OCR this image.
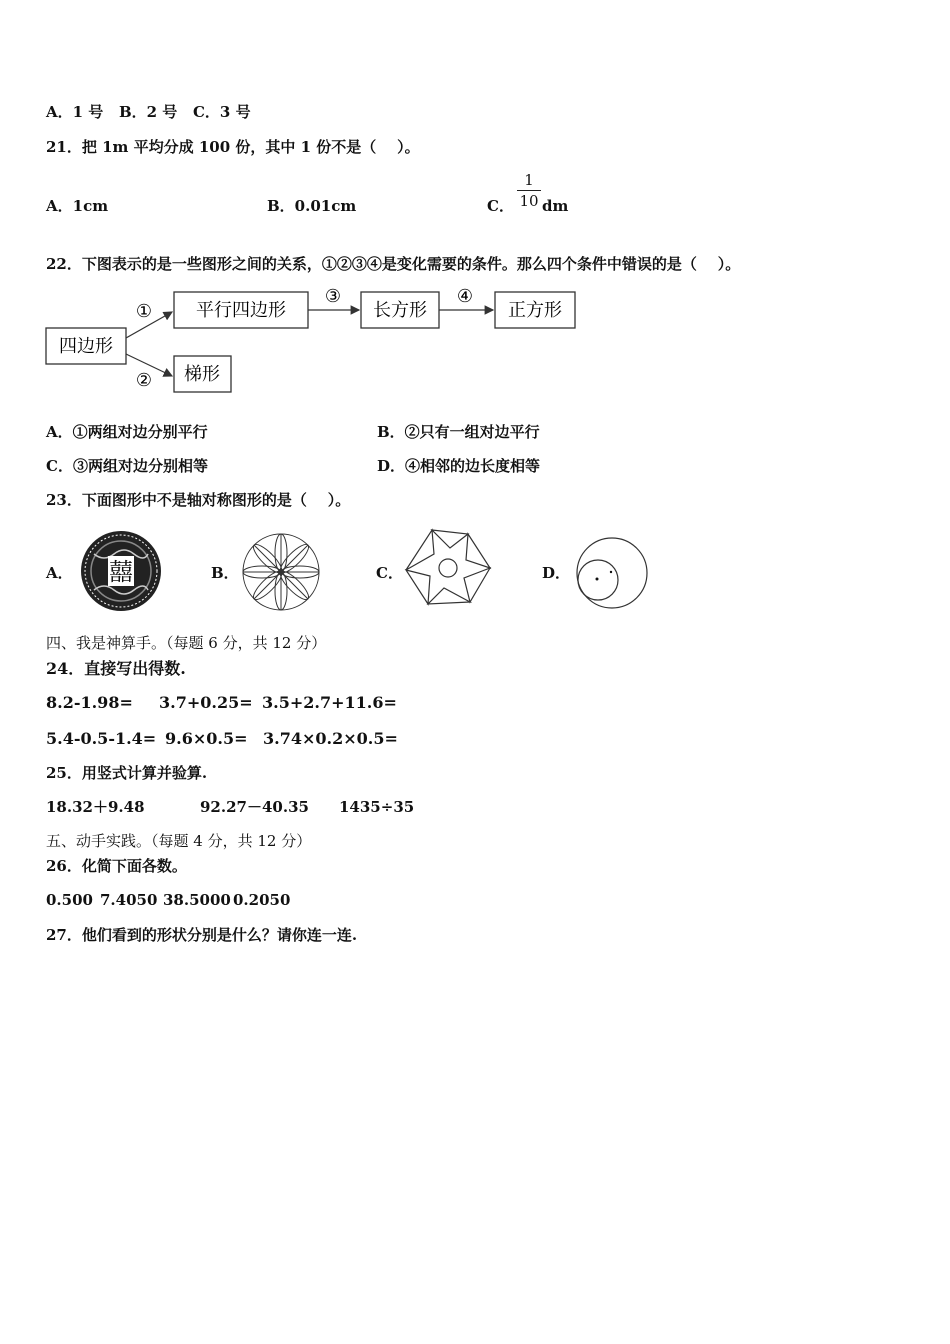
A．1 号   B．2 号   C．3 号
21．把 1m 平均分成 100 份，其中 1 份不是（    ）。
A．1cm	B．0.01cm	C．
1
10 dm
22．下图表示的是一些图形之间的关系，①②③④是变化需要的条件。那么四个条件中错误的是（    ）。
四边形
平行四边形	长方形	正方形
梯形
①
②
③	④
A．①两组对边分别平行	B．②只有一组对边平行
C．③两组对边分别相等	D．④相邻的边长度相等
23．下面图形中不是轴对称图形的是（    ）。
A．	B．	C．	D．
囍
四、我是神算手。（每题 6 分，共 12 分）
24．直接写出得数.
8.2-1.98= 3.7+0.25= 3.5+2.7+11.6=
5.4-0.5-1.4= 9.6×0.5= 3.74×0.2×0.5=
25．用竖式计算并验算.
18.32＋9.48	92.27－40.35 1435÷35
五、动手实践。（每题 4 分，共 12 分）
26．化简下面各数。
0.500 7.4050 38.5000 0.2050
27．他们看到的形状分别是什么？请你连一连.
